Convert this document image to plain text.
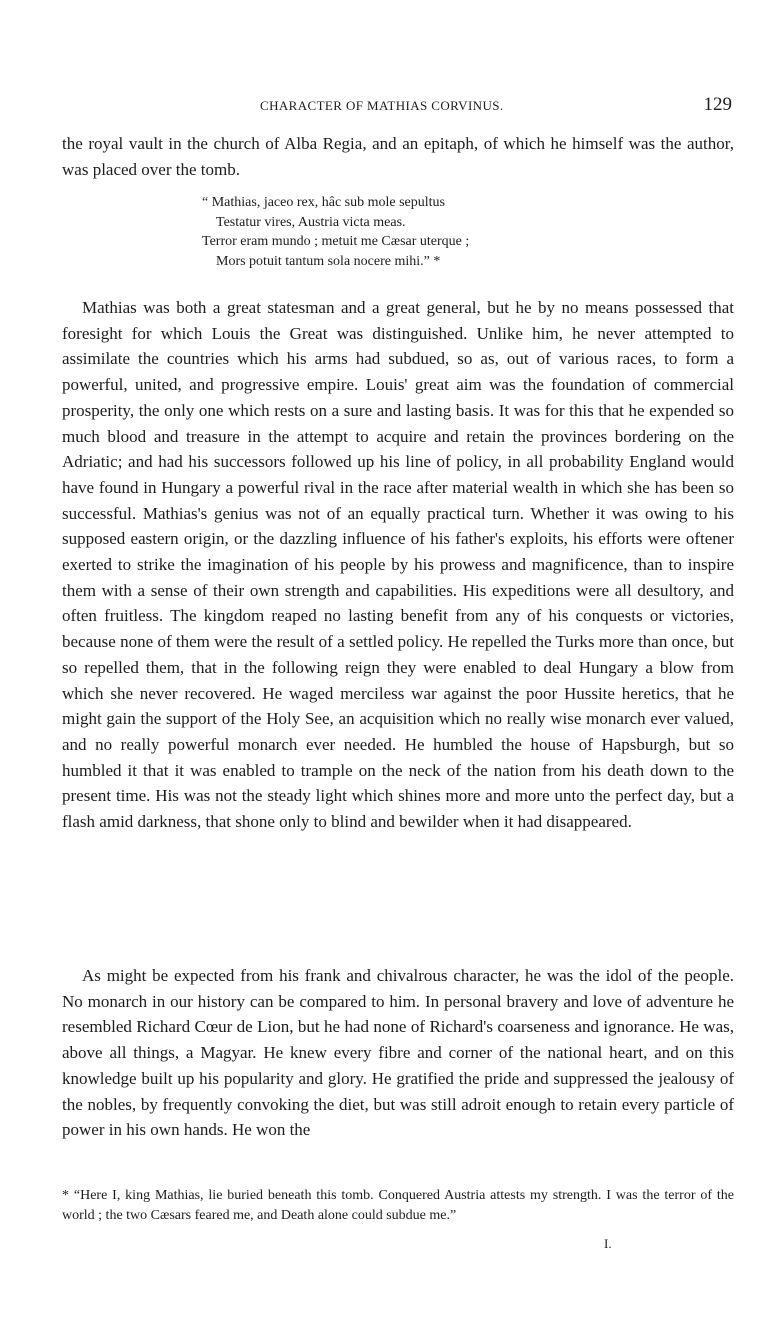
CHARACTER OF MATHIAS CORVINUS.	129

the royal vault in the church of Alba Regia, and an epitaph, of which he himself was the author, was placed over the tomb.

“ Mathias, jaceo rex, hâc sub mole sepultus
Testatur vires, Austria victa meas.
Terror eram mundo ; metuit me Cæsar uterque ;
Mors potuit tantum sola nocere mihi.” *

Mathias was both a great statesman and a great general, but he by no means possessed that foresight for which Louis the Great was distinguished. Unlike him, he never attempted to assimilate the countries which his arms had subdued, so as, out of various races, to form a powerful, united, and progressive empire. Louis' great aim was the foundation of commercial prosperity, the only one which rests on a sure and lasting basis. It was for this that he expended so much blood and treasure in the attempt to acquire and retain the provinces bordering on the Adriatic; and had his successors followed up his line of policy, in all probability England would have found in Hungary a powerful rival in the race after material wealth in which she has been so successful. Mathias's genius was not of an equally practical turn. Whether it was owing to his supposed eastern origin, or the dazzling influence of his father's exploits, his efforts were oftener exerted to strike the imagination of his people by his prowess and magnificence, than to inspire them with a sense of their own strength and capabilities. His expeditions were all desultory, and often fruitless. The kingdom reaped no lasting benefit from any of his conquests or victories, because none of them were the result of a settled policy. He repelled the Turks more than once, but so repelled them, that in the following reign they were enabled to deal Hungary a blow from which she never recovered. He waged merciless war against the poor Hussite heretics, that he might gain the support of the Holy See, an acquisition which no really wise monarch ever valued, and no really powerful monarch ever needed. He humbled the house of Hapsburgh, but so humbled it that it was enabled to trample on the neck of the nation from his death down to the present time. His was not the steady light which shines more and more unto the perfect day, but a flash amid darkness, that shone only to blind and bewilder when it had disappeared.

As might be expected from his frank and chivalrous character, he was the idol of the people. No monarch in our history can be compared to him. In personal bravery and love of adventure he resembled Richard Cœur de Lion, but he had none of Richard's coarseness and ignorance. He was, above all things, a Magyar. He knew every fibre and corner of the national heart, and on this knowledge built up his popularity and glory. He gratified the pride and suppressed the jealousy of the nobles, by frequently convoking the diet, but was still adroit enough to retain every particle of power in his own hands. He won the

* “Here I, king Mathias, lie buried beneath this tomb. Conquered Austria attests my strength. I was the terror of the world ; the two Cæsars feared me, and Death alone could subdue me.”

I.
